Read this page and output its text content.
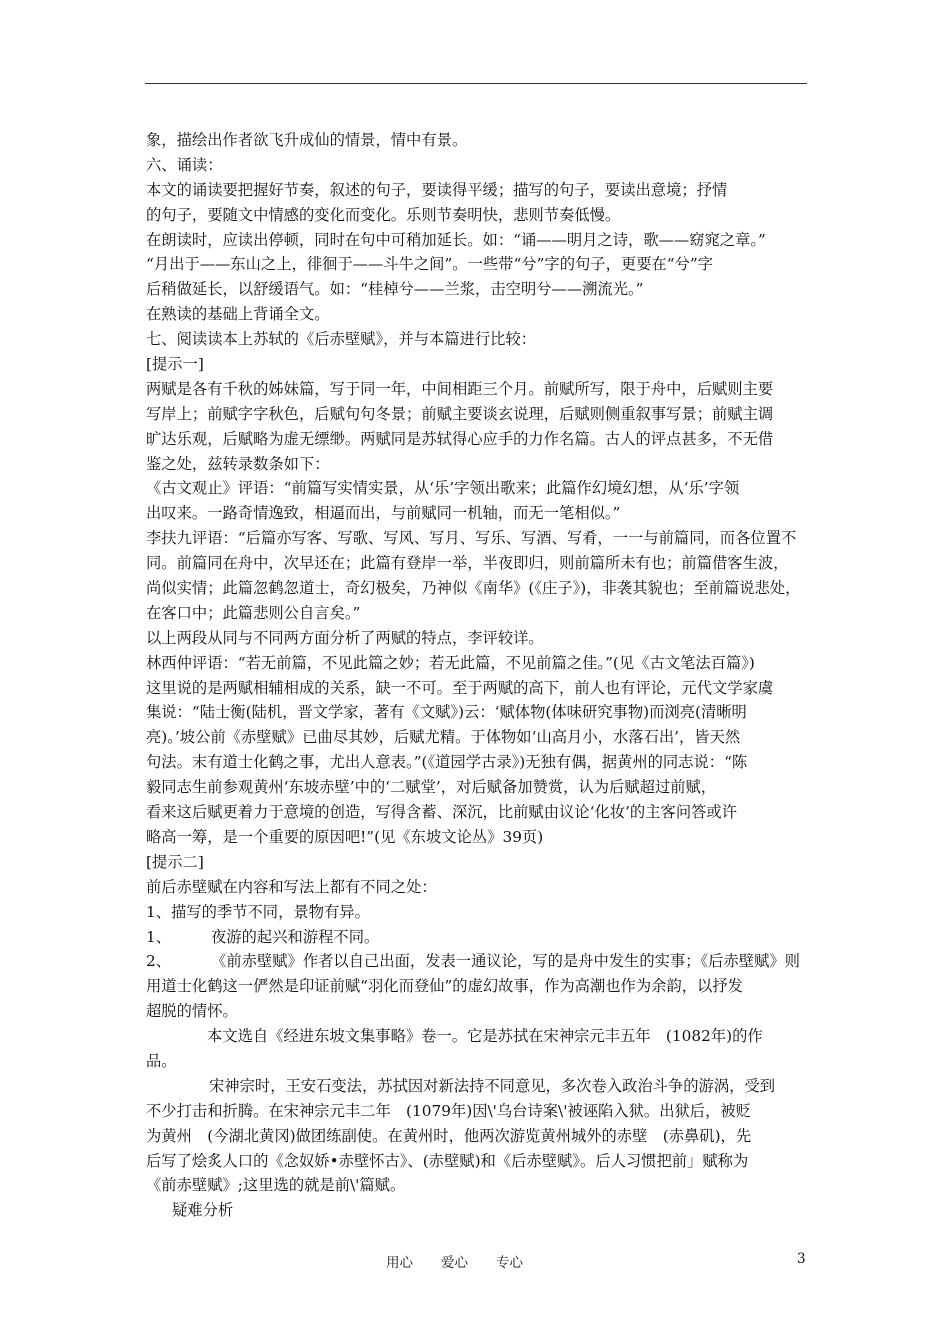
象，描绘出作者欲飞升成仙的情景，情中有景。
六、诵读：
本文的诵读要把握好节奏，叙述的句子，要读得平缓；描写的句子，要读出意境；抒情
的句子，要随文中情感的变化而变化。乐则节奏明快，悲则节奏低慢。
在朗读时，应读出停顿，同时在句中可稍加延长。如：“诵——明月之诗，歌——窈窕之章。”
“月出于——东山之上，徘徊于——斗牛之间”。一些带“兮”字的句子，更要在“兮”字
后稍做延长，以舒缓语气。如：“桂棹兮——兰浆，击空明兮——溯流光。”
在熟读的基础上背诵全文。
七、阅读读本上苏轼的《后赤壁赋》，并与本篇进行比较：
[提示一]
两赋是各有千秋的姊妹篇，写于同一年，中间相距三个月。前赋所写，限于舟中，后赋则主要
写岸上；前赋字字秋色，后赋句句冬景；前赋主要谈玄说理，后赋则侧重叙事写景；前赋主调
旷达乐观，后赋略为虚无缥缈。两赋同是苏轼得心应手的力作名篇。古人的评点甚多，不无借
鉴之处，兹转录数条如下：
《古文观止》评语：“前篇写实情实景，从‘乐’字领出歌来；此篇作幻境幻想，从‘乐’字领
出叹来。一路奇情逸致，相逼而出，与前赋同一机轴，而无一笔相似。”
李扶九评语：“后篇亦写客、写歌、写风、写月、写乐、写酒、写肴，一一与前篇同，而各位置不
同。前篇同在舟中，次早还在；此篇有登岸一举，半夜即归，则前篇所未有也；前篇借客生波，
尚似实情；此篇忽鹤忽道士，奇幻极矣，乃神似《南华》(《庄子》)，非袭其貌也；至前篇说悲处，
在客口中；此篇悲则公自言矣。”
以上两段从同与不同两方面分析了两赋的特点，李评较详。
林西仲评语：“若无前篇，不见此篇之妙；若无此篇，不见前篇之佳。”(见《古文笔法百篇》)
这里说的是两赋相辅相成的关系，缺一不可。至于两赋的高下，前人也有评论，元代文学家虞
集说：“陆士衡(陆机，晋文学家，著有《文赋》)云：‘赋体物(体味研究事物)而浏亮(清晰明
亮)。’坡公前《赤壁赋》已曲尽其妙，后赋尤精。于体物如‘山高月小，水落石出’，皆天然
句法。末有道士化鹤之事，尤出人意表。”(《道园学古录》)无独有偶，据黄州的同志说：“陈
毅同志生前参观黄州‘东坡赤壁’中的‘二赋堂’，对后赋备加赞赏，认为后赋超过前赋，
看来这后赋更着力于意境的创造，写得含蓄、深沉，比前赋由议论‘化妆’的主客问答或许
略高一筹，是一个重要的原因吧!”(见《东坡文论丛》39页)
[提示二]
前后赤壁赋在内容和写法上都有不同之处：
1、描写的季节不同，景物有异。
1、	夜游的起兴和游程不同。
2、	《前赤壁赋》作者以自己出面，发表一通议论，写的是舟中发生的实事；《后赤壁赋》则
用道士化鹤这一俨然是印证前赋“羽化而登仙”的虚幻故事，作为高潮也作为余韵，以抒发
超脱的情怀。
本文选自《经进东坡文集事略》卷一。它是苏拭在宋神宗元丰五年　(1082年)的作
品。
宋神宗时，王安石变法，苏拭因对新法持不同意见，多次卷入政治斗争的游涡，受到
不少打击和折腾。在宋神宗元丰二年　(1079年)因\'乌台诗案\'被诬陷入狱。出狱后，被贬
为黄州　(今湖北黄冈)做团练副使。在黄州时，他两次游览黄州城外的赤壁　(赤鼻矶)，先
后写了烩炙人口的《念奴娇•赤壁怀古》、(赤壁赋)和《后赤壁赋》。后人习惯把前」赋称为
《前赤壁赋》;这里选的就是前\'篇赋。
疑难分析
用心 爱心 专心	3
